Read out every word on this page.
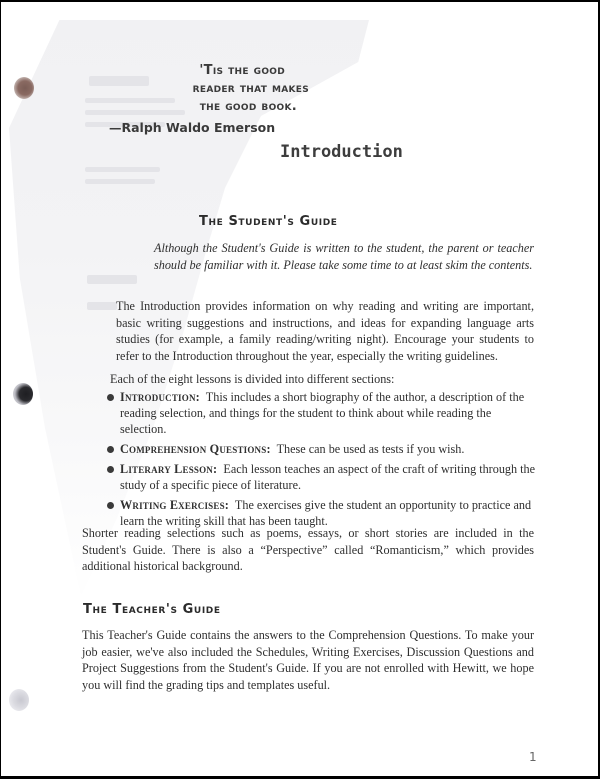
'Tis the good
reader that makes
the good book.
—Ralph Waldo Emerson
Introduction
The Student's Guide
Although the Student's Guide is written to the student, the parent or teacher should be familiar with it. Please take some time to at least skim the contents.
The Introduction provides information on why reading and writing are important, basic writing suggestions and instructions, and ideas for expanding language arts studies (for example, a family reading/writing night). Encourage your students to refer to the Introduction throughout the year, especially the writing guidelines.
Each of the eight lessons is divided into different sections:
Introduction: This includes a short biography of the author, a description of the reading selection, and things for the student to think about while reading the selection.
Comprehension Questions: These can be used as tests if you wish.
Literary Lesson: Each lesson teaches an aspect of the craft of writing through the study of a specific piece of literature.
Writing Exercises: The exercises give the student an opportunity to practice and learn the writing skill that has been taught.
Shorter reading selections such as poems, essays, or short stories are included in the Student's Guide. There is also a “Perspective” called “Romanticism,” which provides additional historical background.
The Teacher's Guide
This Teacher's Guide contains the answers to the Comprehension Questions. To make your job easier, we've also included the Schedules, Writing Exercises, Discussion Questions and Project Suggestions from the Student's Guide. If you are not enrolled with Hewitt, we hope you will find the grading tips and templates useful.
1
